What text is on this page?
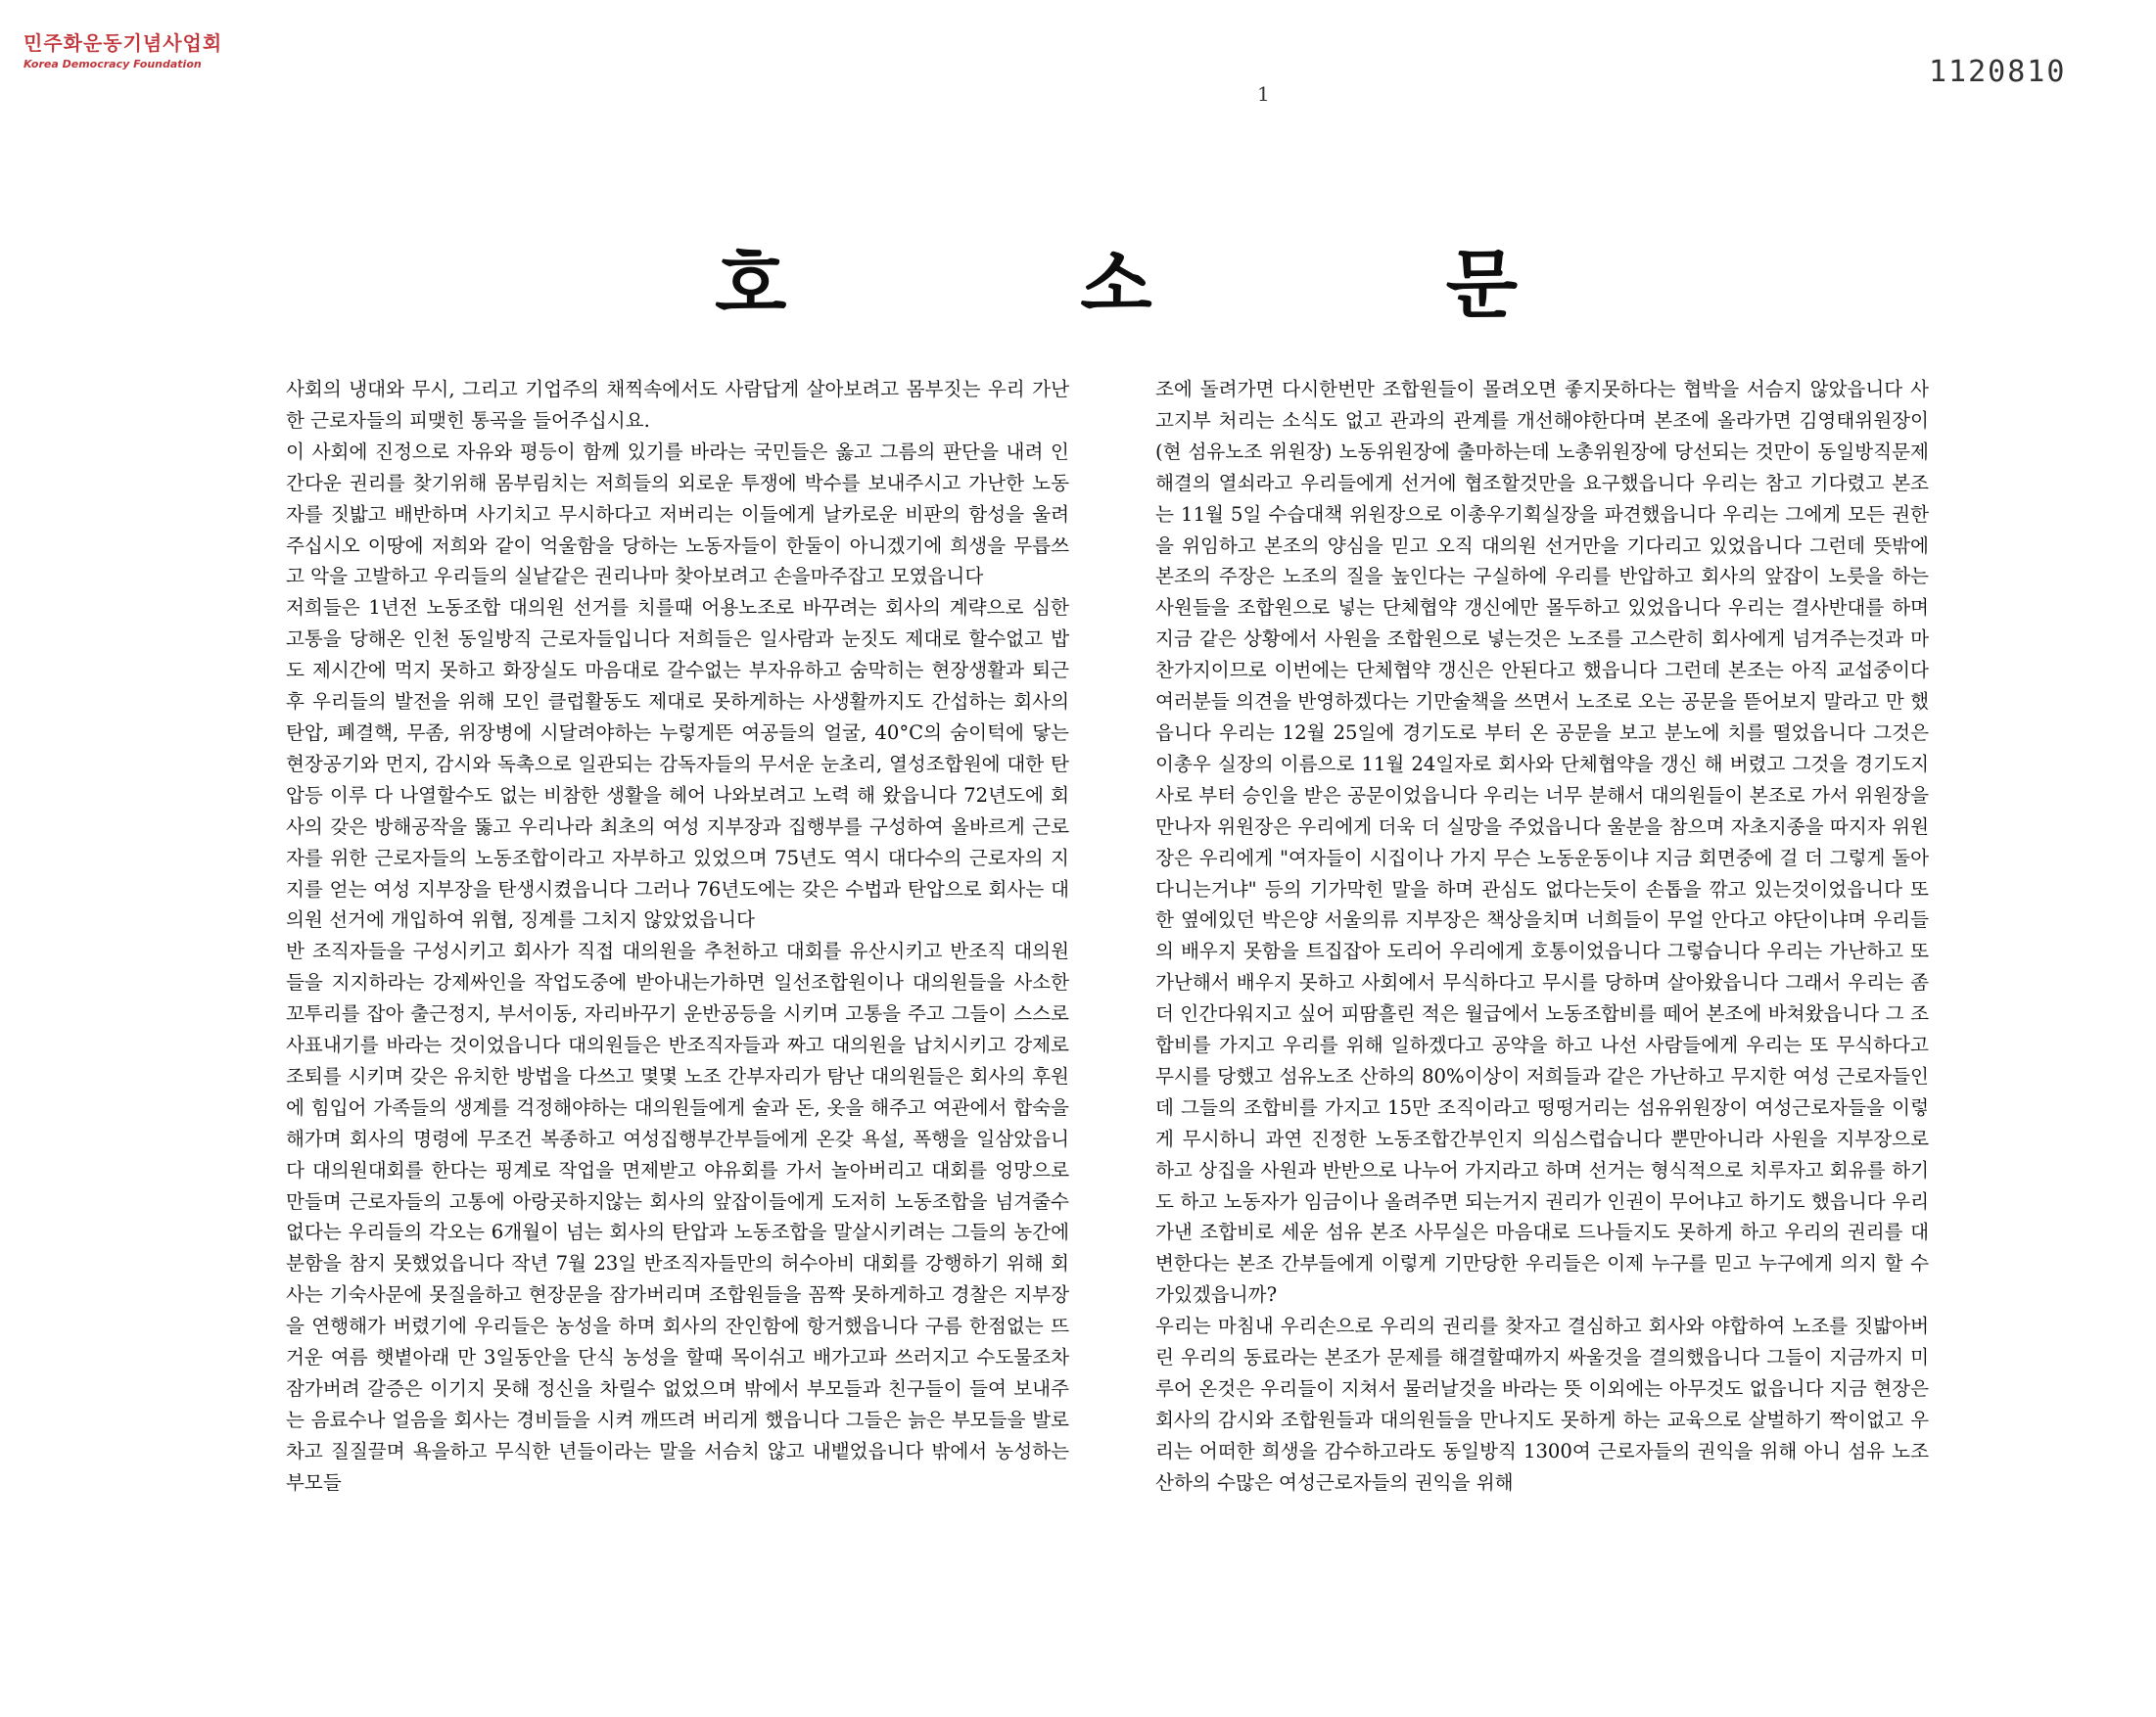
민주화운동기념사업회
Korea Democracy Foundation	1120810
1
호	소	문

사회의 냉대와 무시, 그리고 기업주의 채찍속에서도 사람답게 살아보려고 몸부짓는 우리 가난한 근로자들의 피맺힌 통곡을 들어주십시요.

이 사회에 진정으로 자유와 평등이 함께 있기를 바라는 국민들은 옳고 그름의 판단을 내려 인간다운 권리를 찾기위해 몸부림치는 저희들의 외로운 투쟁에 박수를 보내주시고 가난한 노동자를 짓밟고 배반하며 사기치고 무시하다고 저버리는 이들에게 날카로운 비판의 함성을 울려 주십시오 이땅에 저희와 같이 억울함을 당하는 노동자들이 한둘이 아니겠기에 희생을 무릅쓰고 악을 고발하고 우리들의 실낱같은 권리나마 찾아보려고 손을마주잡고 모였읍니다

저희들은 1년전 노동조합 대의원 선거를 치를때 어용노조로 바꾸려는 회사의 계략으로 심한 고통을 당해온 인천 동일방직 근로자들입니다 저희들은 일사람과 눈짓도 제대로 할수없고 밥도 제시간에 먹지 못하고 화장실도 마음대로 갈수없는 부자유하고 숨막히는 현장생활과 퇴근후 우리들의 발전을 위해 모인 클럽활동도 제대로 못하게하는 사생활까지도 간섭하는 회사의 탄압, 폐결핵, 무좀, 위장병에 시달려야하는 누렇게뜬 여공들의 얼굴, 40°C의 숨이턱에 닿는 현장공기와 먼지, 감시와 독촉으로 일관되는 감독자들의 무서운 눈초리, 열성조합원에 대한 탄압등 이루 다 나열할수도 없는 비참한 생활을 헤어 나와보려고 노력 해 왔읍니다 72년도에 회사의 갖은 방해공작을 뚫고 우리나라 최초의 여성 지부장과 집행부를 구성하여 올바르게 근로자를 위한 근로자들의 노동조합이라고 자부하고 있었으며 75년도 역시 대다수의 근로자의 지지를 얻는 여성 지부장을 탄생시켰읍니다 그러나 76년도에는 갖은 수법과 탄압으로 회사는 대의원 선거에 개입하여 위협, 징계를 그치지 않았었읍니다

반 조직자들을 구성시키고 회사가 직접 대의원을 추천하고 대회를 유산시키고 반조직 대의원들을 지지하라는 강제싸인을 작업도중에 받아내는가하면 일선조합원이나 대의원들을 사소한꼬투리를 잡아 출근정지, 부서이동, 자리바꾸기 운반공등을 시키며 고통을 주고 그들이 스스로 사표내기를 바라는 것이었읍니다 대의원들은 반조직자들과 짜고 대의원을 납치시키고 강제로 조퇴를 시키며 갖은 유치한 방법을 다쓰고 몇몇 노조 간부자리가 탐난 대의원들은 회사의 후원에 힘입어 가족들의 생계를 걱정해야하는 대의원들에게 술과 돈, 옷을 해주고 여관에서 합숙을 해가며 회사의 명령에 무조건 복종하고 여성집행부간부들에게 온갖 욕설, 폭행을 일삼았읍니다 대의원대회를 한다는 핑계로 작업을 면제받고 야유회를 가서 놀아버리고 대회를 엉망으로 만들며 근로자들의 고통에 아랑곳하지않는 회사의 앞잡이들에게 도저히 노동조합을 넘겨줄수없다는 우리들의 각오는 6개월이 넘는 회사의 탄압과 노동조합을 말살시키려는 그들의 농간에 분함을 참지 못했었읍니다 작년 7월 23일 반조직자들만의 허수아비 대회를 강행하기 위해 회사는 기숙사문에 못질을하고 현장문을 잠가버리며 조합원들을 꼼짝 못하게하고 경찰은 지부장을 연행해가 버렸기에 우리들은 농성을 하며 회사의 잔인함에 항거했읍니다 구름 한점없는 뜨거운 여름 햇볕아래 만 3일동안을 단식 농성을 할때 목이쉬고 배가고파 쓰러지고 수도물조차 잠가버려 갈증은 이기지 못해 정신을 차릴수 없었으며 밖에서 부모들과 친구들이 들여 보내주는 음료수나 얼음을 회사는 경비들을 시켜 깨뜨려 버리게 했읍니다 그들은 늙은 부모들을 발로차고 질질끌며 욕을하고 무식한 년들이라는 말을 서슴치 않고 내뱉었읍니다 밖에서 농성하는 부모들

조에 돌려가면 다시한번만 조합원들이 몰려오면 좋지못하다는 협박을 서슴지 않았읍니다 사고지부 처리는 소식도 없고 관과의 관계를 개선해야한다며 본조에 올라가면 김영태위원장이 (현 섬유노조 위원장) 노동위원장에 출마하는데 노총위원장에 당선되는 것만이 동일방직문제 해결의 열쇠라고 우리들에게 선거에 협조할것만을 요구했읍니다 우리는 참고 기다렸고 본조는 11월 5일 수습대책 위원장으로 이총우기획실장을 파견했읍니다 우리는 그에게 모든 권한을 위임하고 본조의 양심을 믿고 오직 대의원 선거만을 기다리고 있었읍니다 그런데 뜻밖에 본조의 주장은 노조의 질을 높인다는 구실하에 우리를 반압하고 회사의 앞잡이 노릇을 하는 사원들을 조합원으로 넣는 단체협약 갱신에만 몰두하고 있었읍니다 우리는 결사반대를 하며 지금 같은 상황에서 사원을 조합원으로 넣는것은 노조를 고스란히 회사에게 넘겨주는것과 마찬가지이므로 이번에는 단체협약 갱신은 안된다고 했읍니다 그런데 본조는 아직 교섭중이다 여러분들 의견을 반영하겠다는 기만술책을 쓰면서 노조로 오는 공문을 뜯어보지 말라고 만 했읍니다 우리는 12월 25일에 경기도로 부터 온 공문을 보고 분노에 치를 떨었읍니다 그것은 이총우 실장의 이름으로 11월 24일자로 회사와 단체협약을 갱신 해 버렸고 그것을 경기도지사로 부터 승인을 받은 공문이었읍니다 우리는 너무 분해서 대의원들이 본조로 가서 위원장을 만나자 위원장은 우리에게 더욱 더 실망을 주었읍니다 울분을 참으며 자초지종을 따지자 위원장은 우리에게 "여자들이 시집이나 가지 무슨 노동운동이냐 지금 회면중에 걸 더 그렇게 돌아다니는거냐" 등의 기가막힌 말을 하며 관심도 없다는듯이 손톱을 깎고 있는것이었읍니다 또한 옆에있던 박은양 서울의류 지부장은 책상을치며 너희들이 무얼 안다고 야단이냐며 우리들의 배우지 못함을 트집잡아 도리어 우리에게 호통이었읍니다 그렇습니다 우리는 가난하고 또 가난해서 배우지 못하고 사회에서 무식하다고 무시를 당하며 살아왔읍니다 그래서 우리는 좀더 인간다워지고 싶어 피땀흘린 적은 월급에서 노동조합비를 떼어 본조에 바쳐왔읍니다 그 조합비를 가지고 우리를 위해 일하겠다고 공약을 하고 나선 사람들에게 우리는 또 무식하다고 무시를 당했고 섬유노조 산하의 80%이상이 저희들과 같은 가난하고 무지한 여성 근로자들인데 그들의 조합비를 가지고 15만 조직이라고 떵떵거리는 섬유위원장이 여성근로자들을 이렇게 무시하니 과연 진정한 노동조합간부인지 의심스럽습니다 뿐만아니라 사원을 지부장으로 하고 상집을 사원과 반반으로 나누어 가지라고 하며 선거는 형식적으로 치루자고 회유를 하기도 하고 노동자가 임금이나 올려주면 되는거지 권리가 인권이 무어냐고 하기도 했읍니다 우리가낸 조합비로 세운 섬유 본조 사무실은 마음대로 드나들지도 못하게 하고 우리의 권리를 대변한다는 본조 간부들에게 이렇게 기만당한 우리들은 이제 누구를 믿고 누구에게 의지 할 수가있겠읍니까?

우리는 마침내 우리손으로 우리의 권리를 찾자고 결심하고 회사와 야합하여 노조를 짓밟아버린 우리의 동료라는 본조가 문제를 해결할때까지 싸울것을 결의했읍니다 그들이 지금까지 미루어 온것은 우리들이 지쳐서 물러날것을 바라는 뜻 이외에는 아무것도 없읍니다 지금 현장은 회사의 감시와 조합원들과 대의원들을 만나지도 못하게 하는 교육으로 살벌하기 짝이없고 우리는 어떠한 희생을 감수하고라도 동일방직 1300여 근로자들의 권익을 위해 아니 섬유 노조 산하의 수많은 여성근로자들의 권익을 위해
